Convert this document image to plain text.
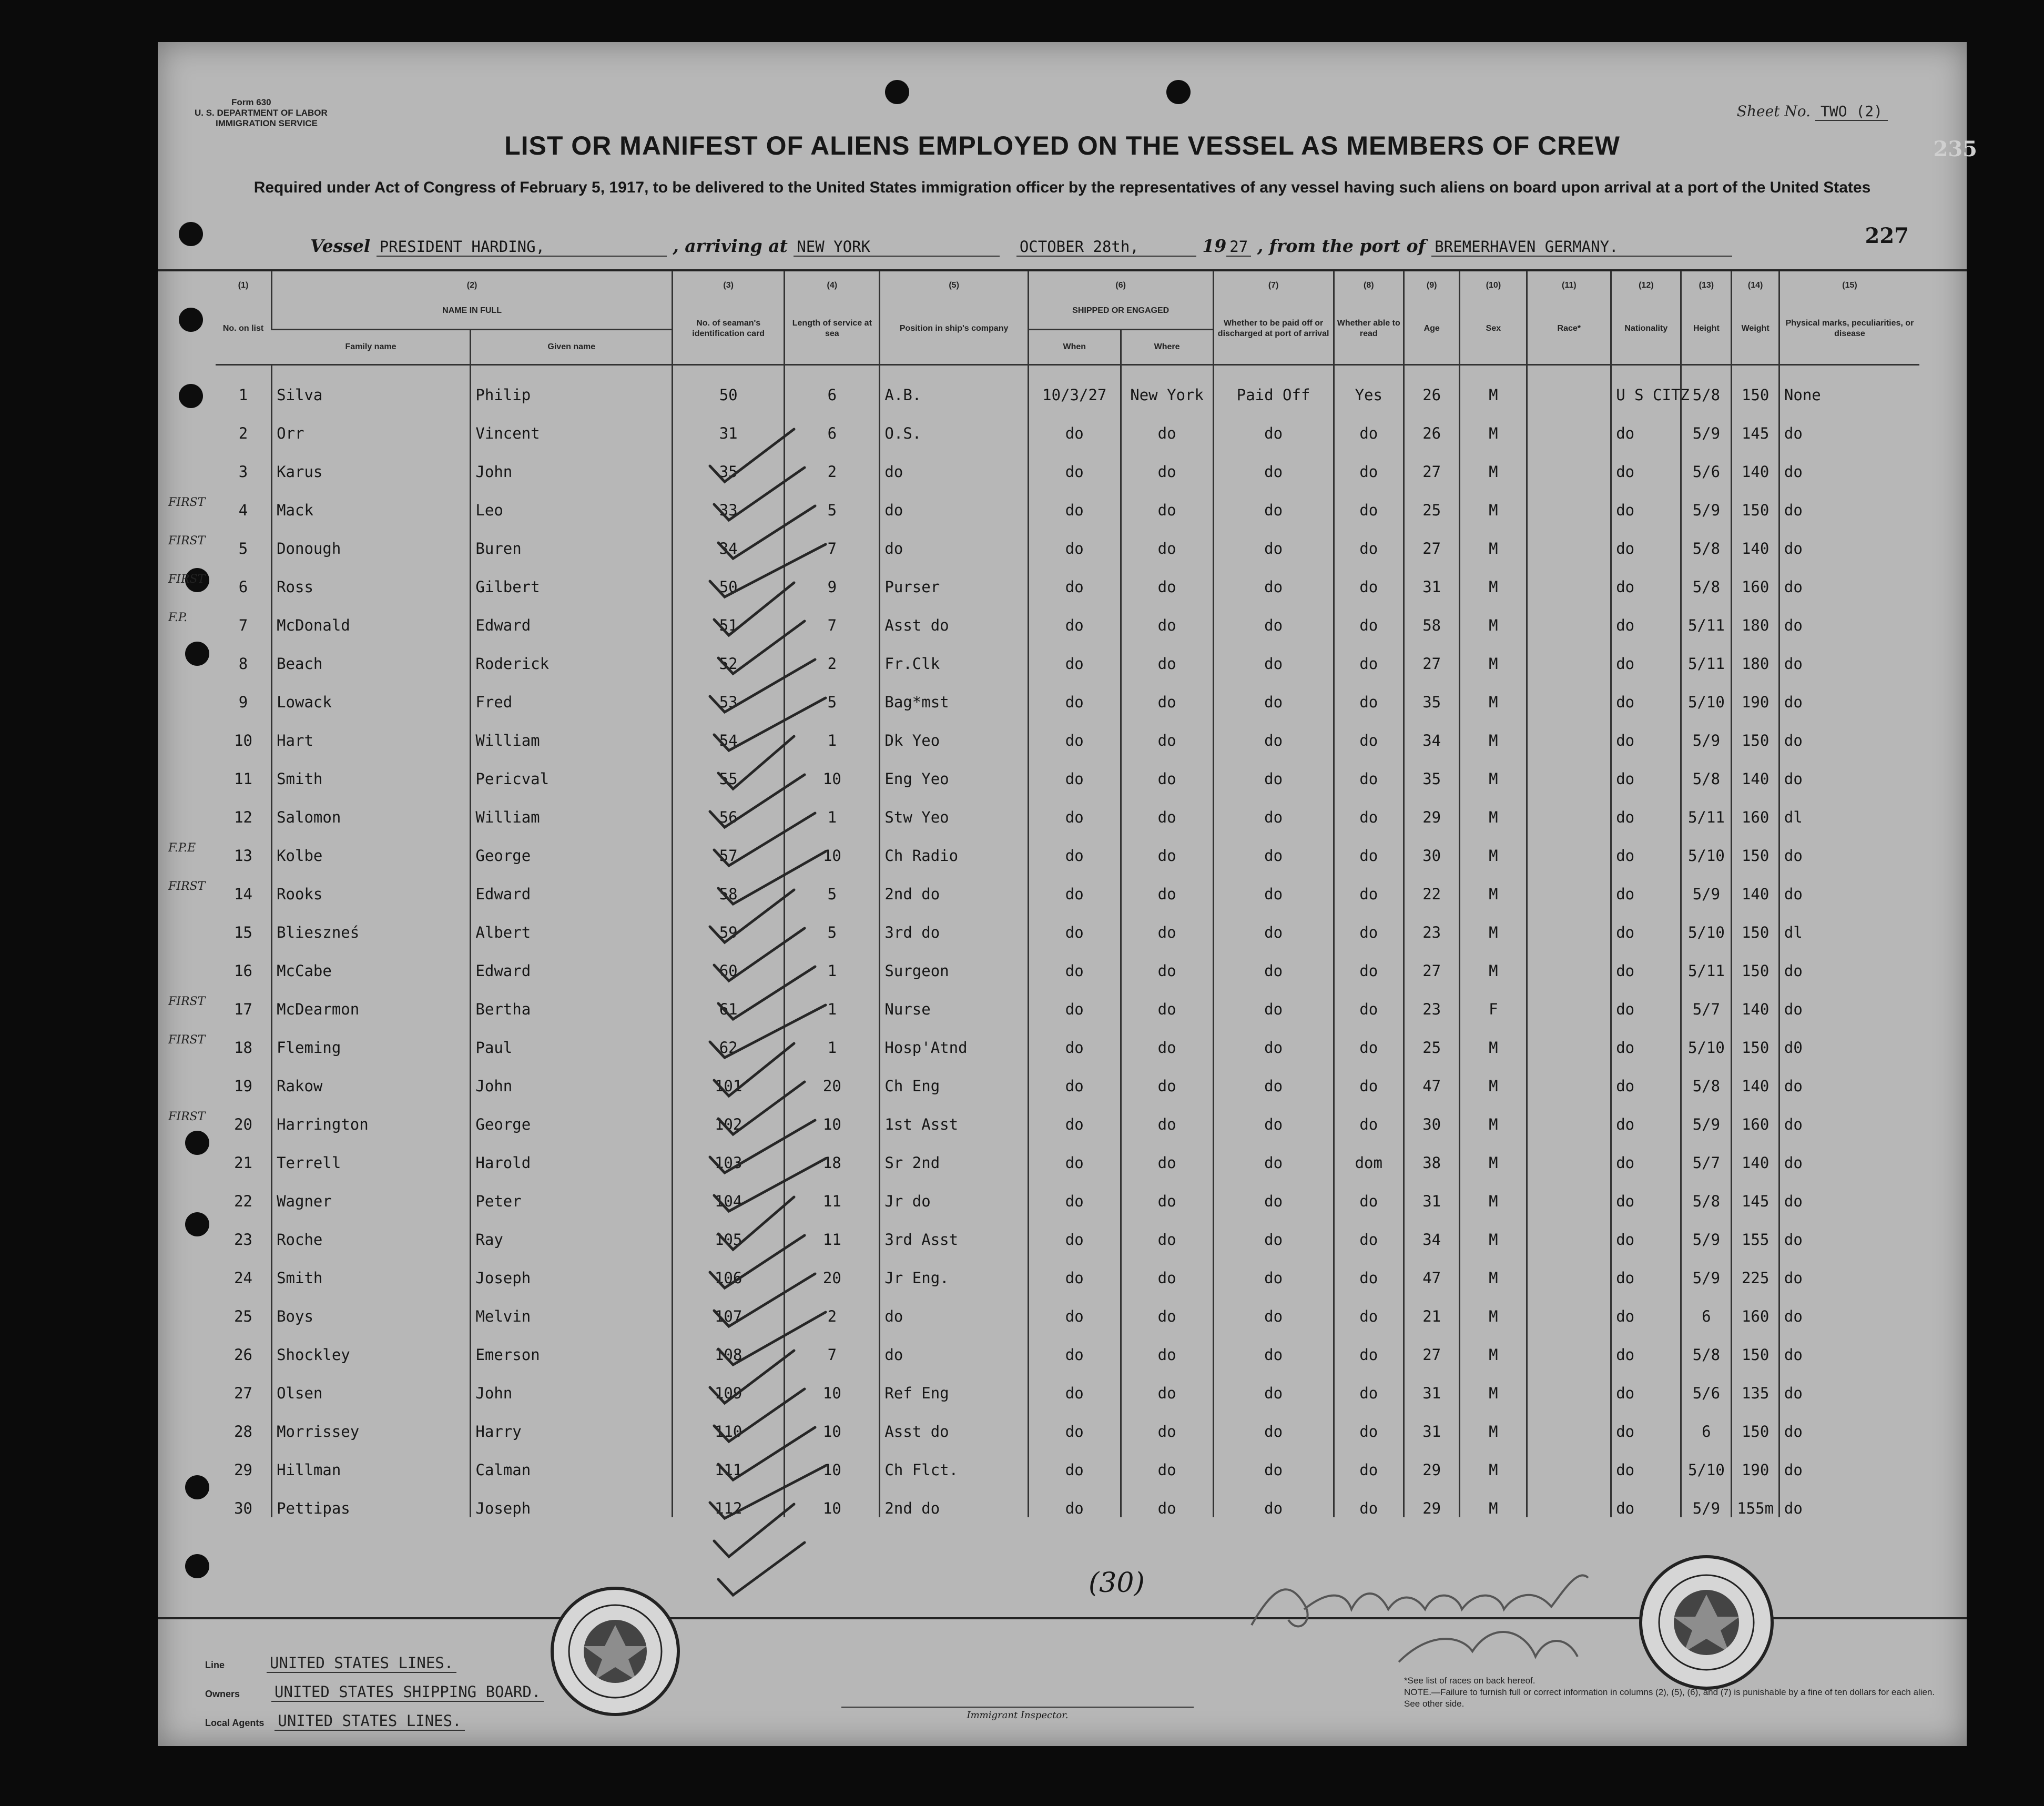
Form 630
U. S. DEPARTMENT OF LABOR
IMMIGRATION SERVICE
Sheet No. TWO (2)
LIST OR MANIFEST OF ALIENS EMPLOYED ON THE VESSEL AS MEMBERS OF CREW
Required under Act of Congress of February 5, 1917, to be delivered to the United States immigration officer by the representatives of any vessel having such aliens on board upon arrival at a port of the United States
227
235
Vessel PRESIDENT HARDING,	, arriving at NEW YORK	OCTOBER 28th,	19 27 , from the port of BREMERHAVEN GERMANY.
(1)	(2)		(3)	(4)	(5)	(6)		(7)	(8)	(9)	(10)	(11)	(12)	(13)	(14)	(15)
No. on list	NAME IN FULL		No. of seaman's identification card	Length of service at sea	Position in ship's company	SHIPPED OR ENGAGED		Whether to be paid off or discharged at port of arrival	Whether able to read	Age	Sex	Race*	Nationality	Height	Weight	Physical marks, peculiarities, or disease
	Family name	Given name				When	Where									
1	Silva	Philip	50	6	A.B.	10/3/27	New York	Paid Off	Yes	26	M		U S CITZ	5/8	150	None
2	Orr	Vincent	31	6	O.S.	do	do	do	do	26	M		do	5/9	145	do
3	Karus	John	35	2	do	do	do	do	do	27	M		do	5/6	140	do
4	Mack	Leo	33	5	do	do	do	do	do	25	M		do	5/9	150	do
5	Donough	Buren	34	7	do	do	do	do	do	27	M		do	5/8	140	do
6	Ross	Gilbert	50	9	Purser	do	do	do	do	31	M		do	5/8	160	do
7	McDonald	Edward	51	7	Asst do	do	do	do	do	58	M		do	5/11	180	do
8	Beach	Roderick	52	2	Fr.Clk	do	do	do	do	27	M		do	5/11	180	do
9	Lowack	Fred	53	5	Bag*mst	do	do	do	do	35	M		do	5/10	190	do
10	Hart	William	54	1	Dk Yeo	do	do	do	do	34	M		do	5/9	150	do
11	Smith	Pericval	55	10	Eng Yeo	do	do	do	do	35	M		do	5/8	140	do
12	Salomon	William	56	1	Stw Yeo	do	do	do	do	29	M		do	5/11	160	dl
13	Kolbe	George	57	10	Ch Radio	do	do	do	do	30	M		do	5/10	150	do
14	Rooks	Edward	58	5	2nd do	do	do	do	do	22	M		do	5/9	140	do
15	Blieszneś	Albert	59	5	3rd do	do	do	do	do	23	M		do	5/10	150	dl
16	McCabe	Edward	60	1	Surgeon	do	do	do	do	27	M		do	5/11	150	do
17	McDearmon	Bertha	61	1	Nurse	do	do	do	do	23	F		do	5/7	140	do
18	Fleming	Paul	62	1	Hosp'Atnd	do	do	do	do	25	M		do	5/10	150	d0
19	Rakow	John	101	20	Ch Eng	do	do	do	do	47	M		do	5/8	140	do
20	Harrington	George	102	10	1st Asst	do	do	do	do	30	M		do	5/9	160	do
21	Terrell	Harold	103	18	Sr 2nd	do	do	do	dom	38	M		do	5/7	140	do
22	Wagner	Peter	104	11	Jr do	do	do	do	do	31	M		do	5/8	145	do
23	Roche	Ray	105	11	3rd Asst	do	do	do	do	34	M		do	5/9	155	do
24	Smith	Joseph	106	20	Jr Eng.	do	do	do	do	47	M		do	5/9	225	do
25	Boys	Melvin	107	2	do	do	do	do	do	21	M		do	6	160	do
26	Shockley	Emerson	108	7	do	do	do	do	do	27	M		do	5/8	150	do
27	Olsen	John	109	10	Ref Eng	do	do	do	do	31	M		do	5/6	135	do
28	Morrissey	Harry	110	10	Asst do	do	do	do	do	31	M		do	6	150	do
29	Hillman	Calman	111	10	Ch Flct.	do	do	do	do	29	M		do	5/10	190	do
30	Pettipas	Joseph	112	10	2nd do	do	do	do	do	29	M		do	5/9	155m	do
FIRST
FIRST
FIRST
F.P.
F.P.E
FIRST
FIRST
FIRST
FIRST
(30)
Line	UNITED STATES LINES.
Owners UNITED STATES SHIPPING BOARD.
Local Agents UNITED STATES LINES.	Immigrant Inspector.
*See list of races on back hereof.
NOTE.—Failure to furnish full or correct information in columns (2), (5), (6), and (7) is punishable by a fine of ten dollars for each alien. See other side.
